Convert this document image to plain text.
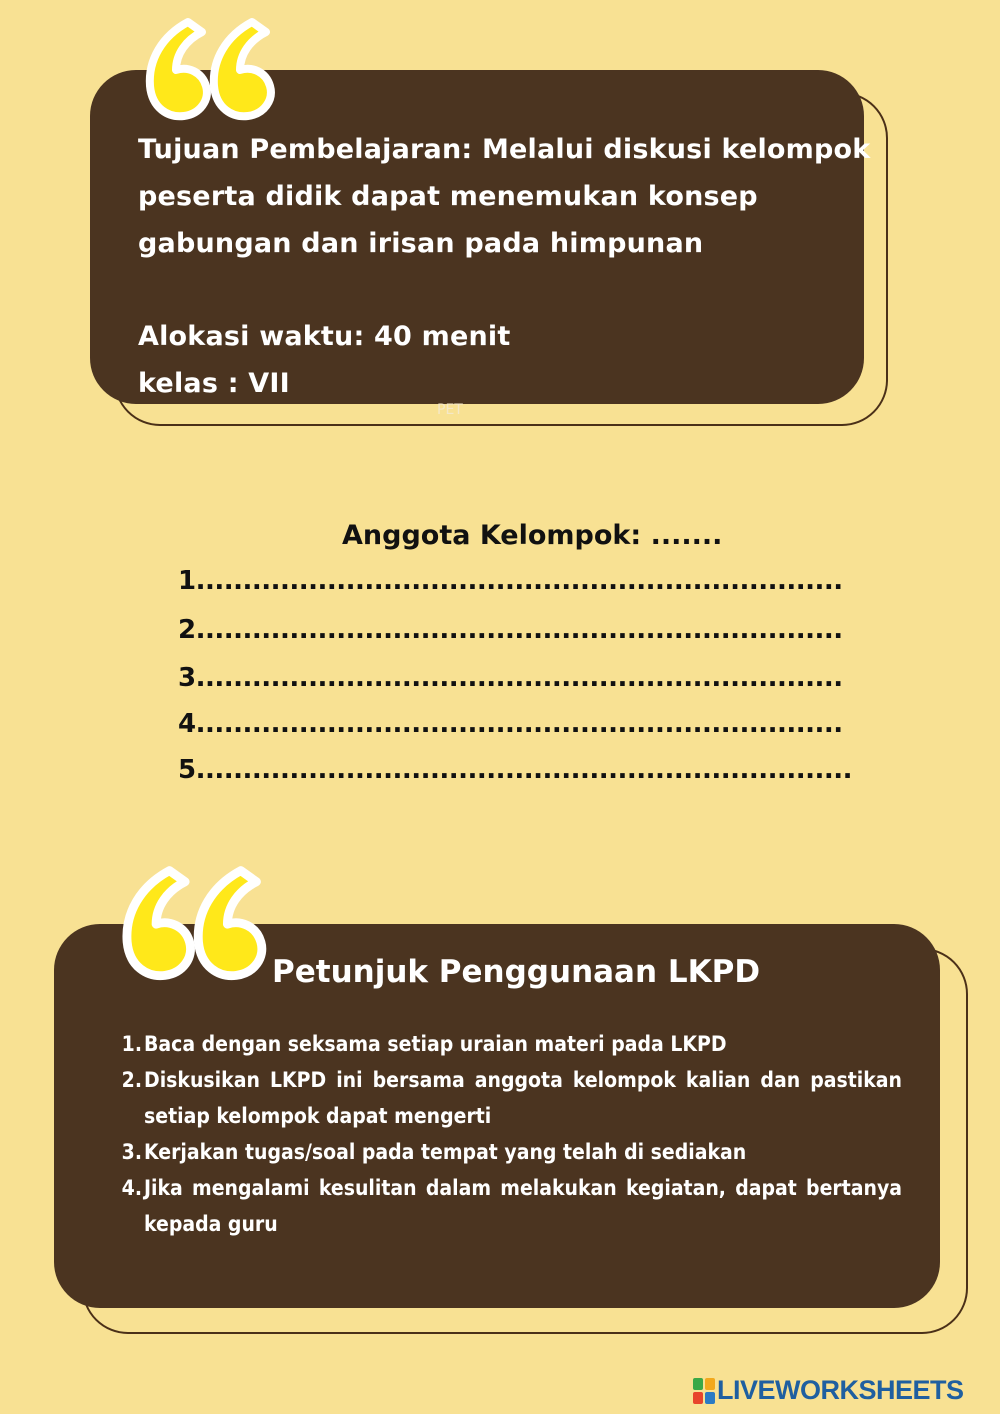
Tujuan Pembelajaran: Melalui diskusi kelompok
peserta didik dapat menemukan konsep
gabungan dan irisan pada himpunan
Alokasi waktu: 40 menit
kelas : VII
PET
Anggota Kelompok: .......
1.....................................................................
2.....................................................................
3.....................................................................
4.....................................................................
5......................................................................
Petunjuk Penggunaan LKPD
1. Baca dengan seksama setiap uraian materi pada LKPD
2. Diskusikan LKPD ini bersama anggota kelompok kalian dan pastikan setiap kelompok dapat mengerti
3. Kerjakan tugas/soal pada tempat yang telah di sediakan
4. Jika mengalami kesulitan dalam melakukan kegiatan, dapat bertanya kepada guru
LIVEWORKSHEETS
